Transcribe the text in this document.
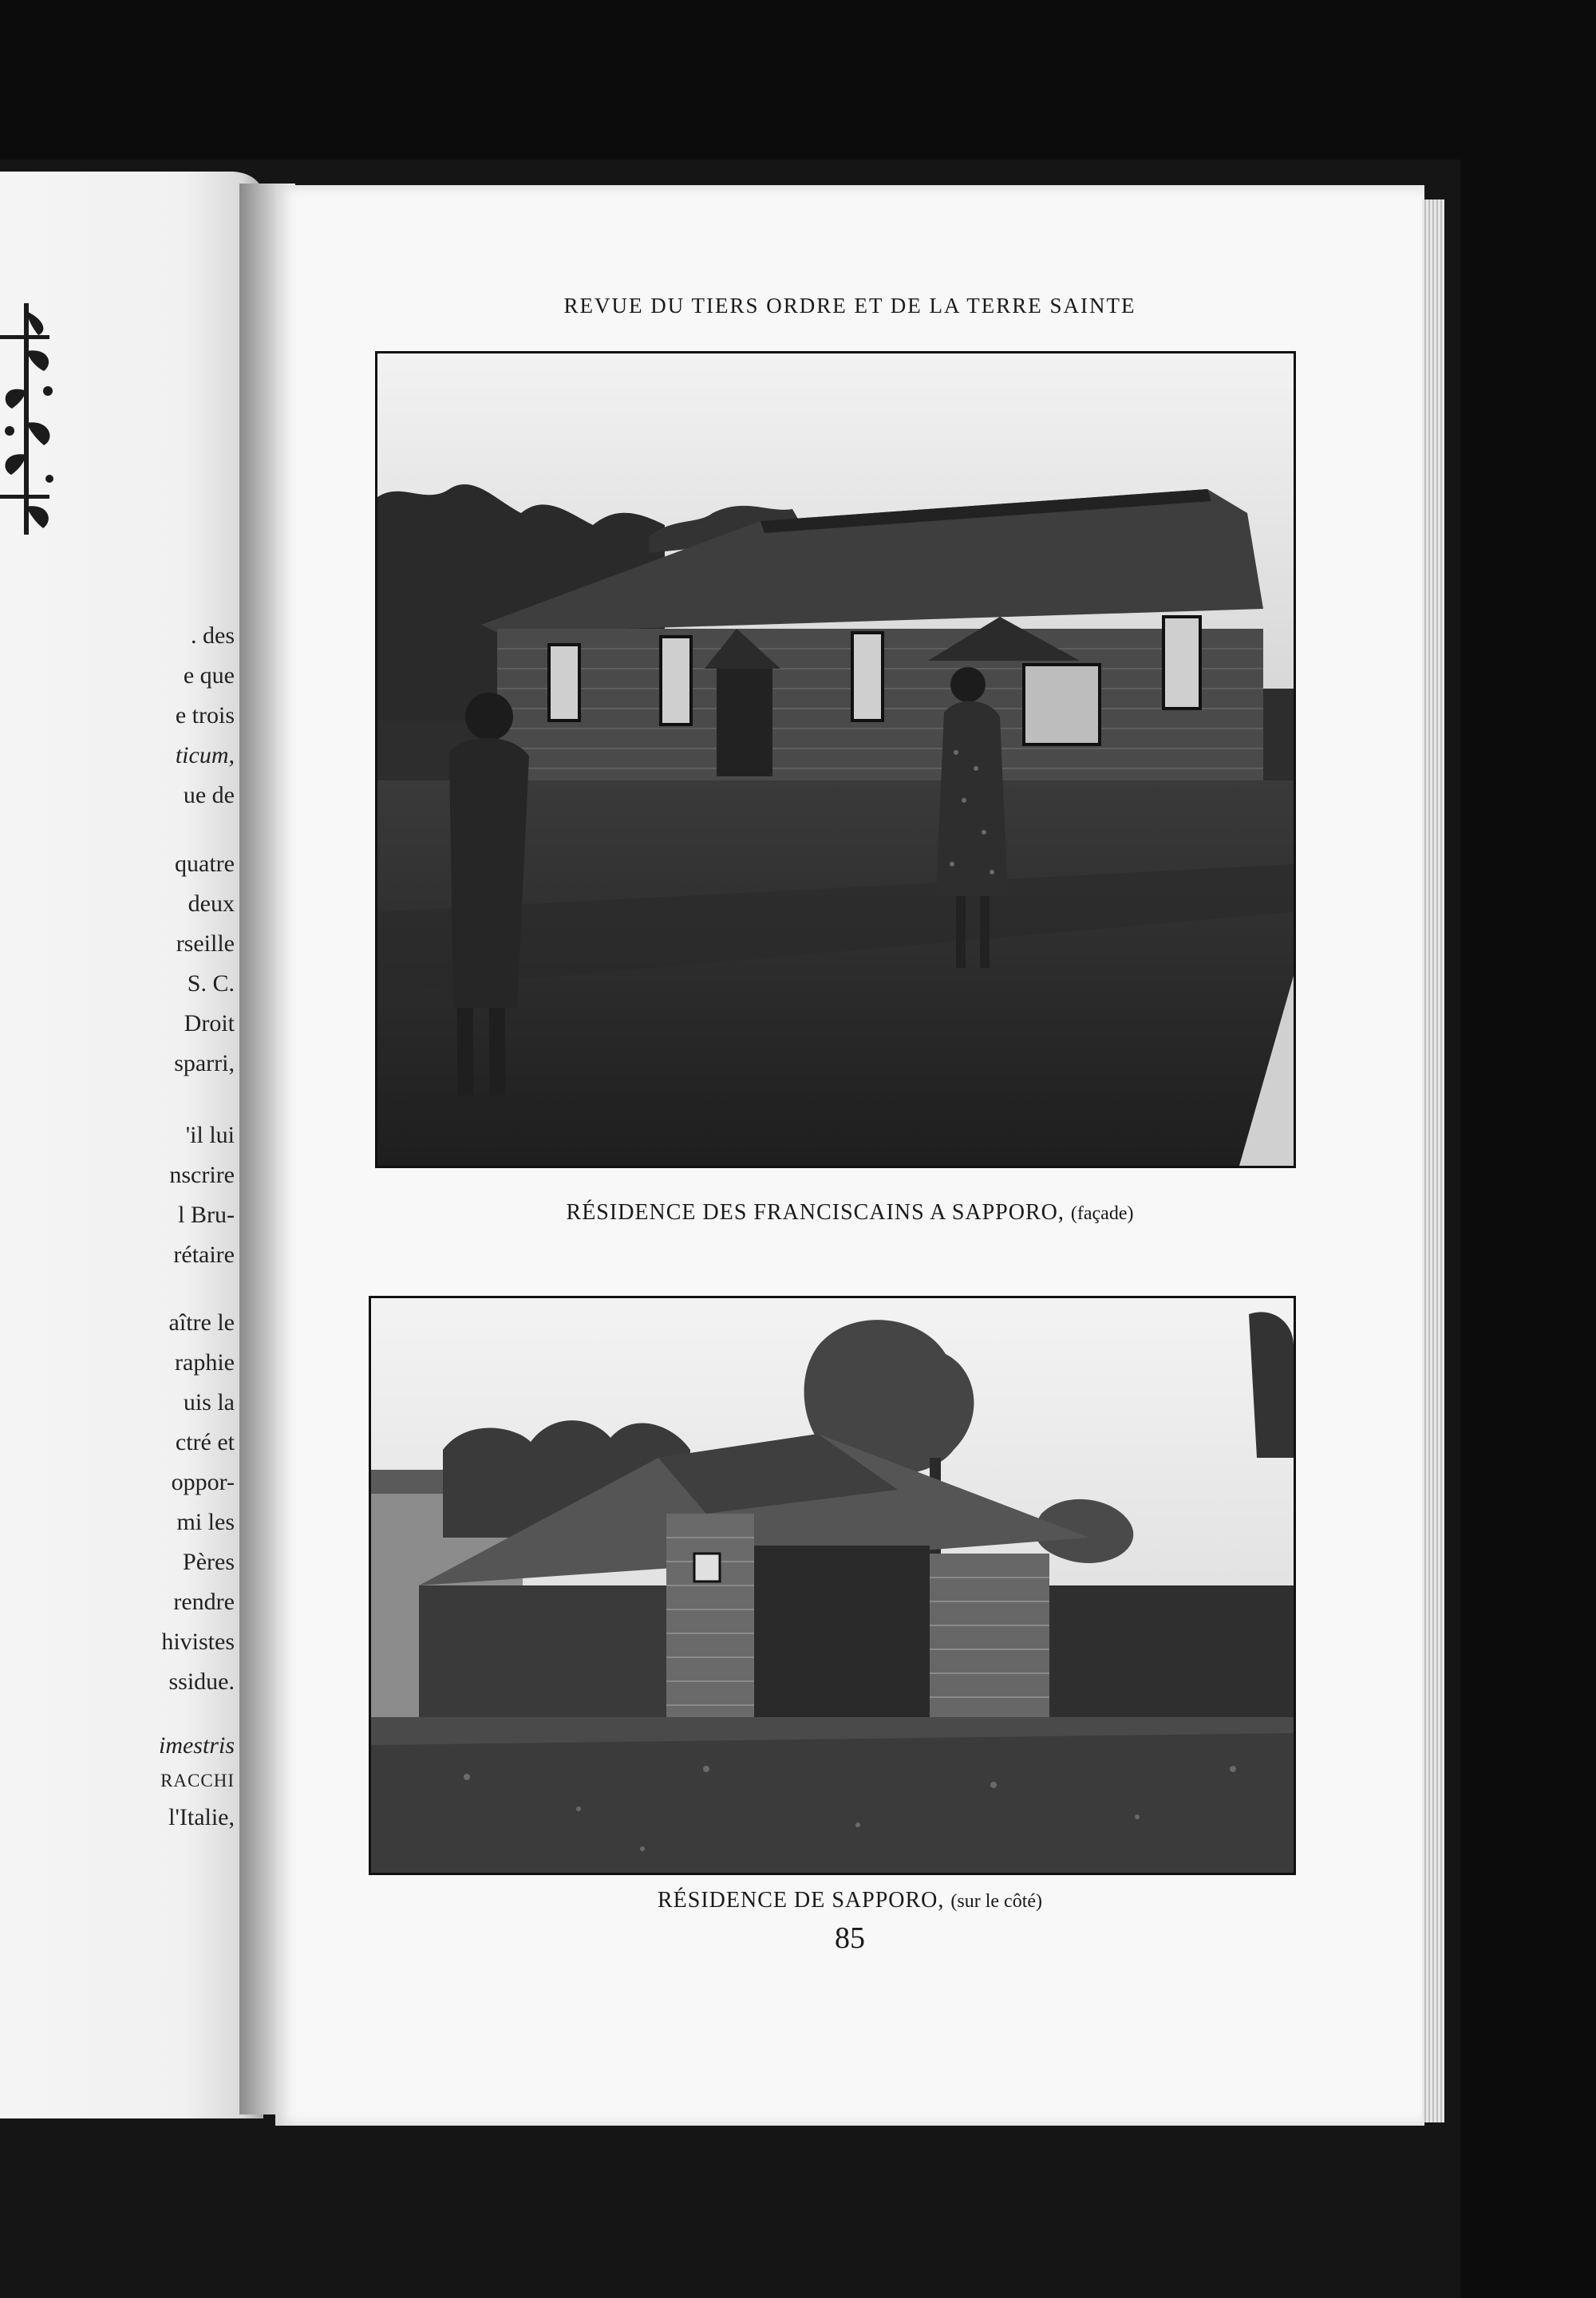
. des
e que
e trois
ticum,
ue de
quatre
deux
rseille
S. C.
Droit
sparri,
'il lui
nscrire
l Bru-
rétaire
aître le
raphie
uis la
ctré et
oppor-
mi les
Pères
rendre
hivistes
ssidue.
imestris
RACCHI
l'Italie,
REVUE DU TIERS ORDRE ET DE LA TERRE SAINTE
RÉSIDENCE DES FRANCISCAINS A SAPPORO, (façade)
RÉSIDENCE DE SAPPORO, (sur le côté)
85
